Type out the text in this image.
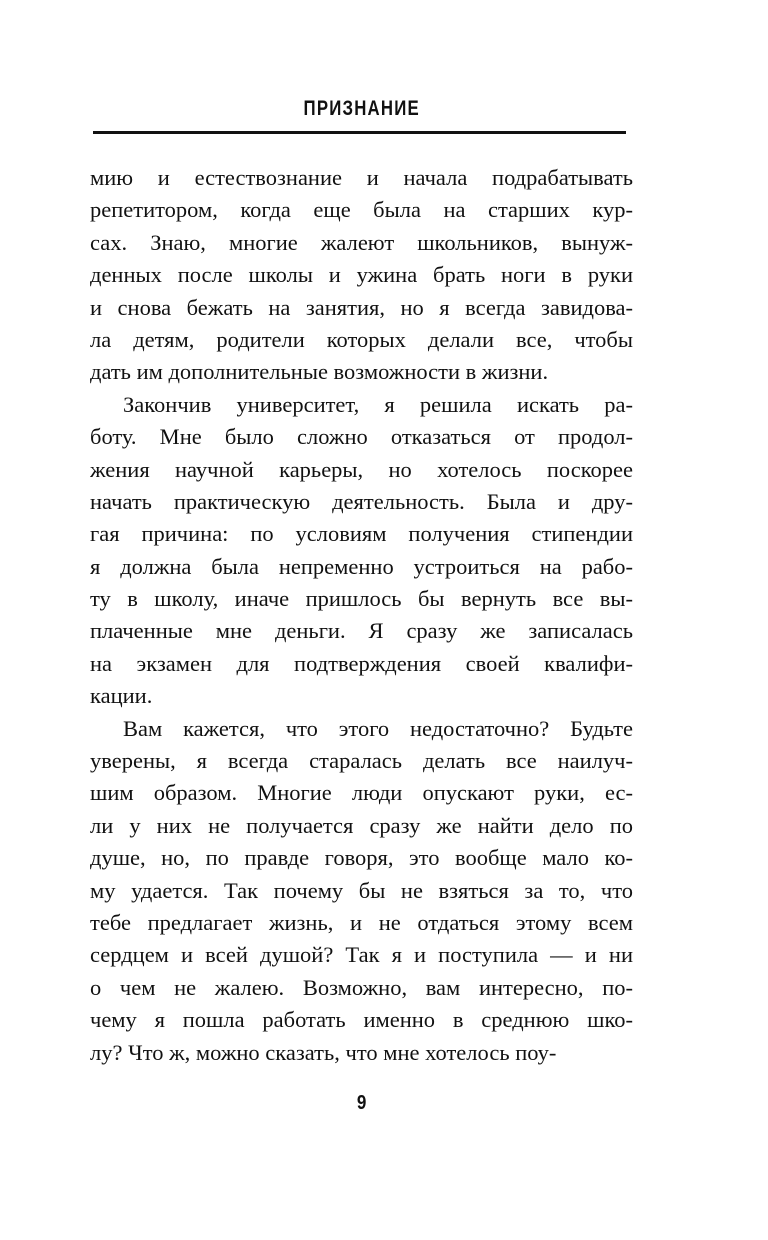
ПРИЗНАНИЕ
мию и естествознание и начала подрабатывать
репетитором, когда еще была на старших кур-
сах. Знаю, многие жалеют школьников, вынуж-
денных после школы и ужина брать ноги в руки
и снова бежать на занятия, но я всегда завидова-
ла детям, родители которых делали все, чтобы
дать им дополнительные возможности в жизни.
Закончив университет, я решила искать ра-
боту. Мне было сложно отказаться от продол-
жения научной карьеры, но хотелось поскорее
начать практическую деятельность. Была и дру-
гая причина: по условиям получения стипендии
я должна была непременно устроиться на рабо-
ту в школу, иначе пришлось бы вернуть все вы-
плаченные мне деньги. Я сразу же записалась
на экзамен для подтверждения своей квалифи-
кации.
Вам кажется, что этого недостаточно? Будьте
уверены, я всегда старалась делать все наилуч-
шим образом. Многие люди опускают руки, ес-
ли у них не получается сразу же найти дело по
душе, но, по правде говоря, это вообще мало ко-
му удается. Так почему бы не взяться за то, что
тебе предлагает жизнь, и не отдаться этому всем
сердцем и всей душой? Так я и поступила — и ни
о чем не жалею. Возможно, вам интересно, по-
чему я пошла работать именно в среднюю шко-
лу? Что ж, можно сказать, что мне хотелось поу-
9
